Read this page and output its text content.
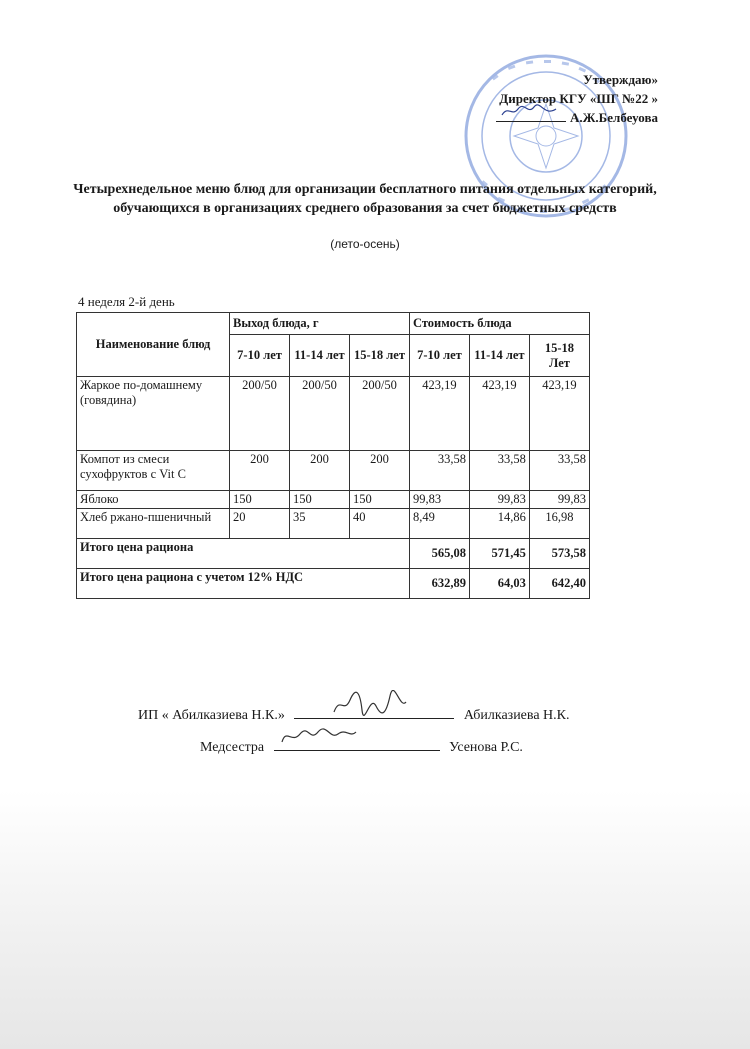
Утверждаю»
Директор КГУ «ШГ №22 »
А.Ж.Белбеуова
Четырехнедельное меню блюд для организации бесплатного питания отдельных категорий, обучающихся в организациях среднего образования за счет бюджетных средств
(лето-осень)
4 неделя 2-й день
Наименование блюд	Выход блюда, г			Стоимость блюда		
	7-10 лет	11-14 лет	15-18 лет	7-10 лет	11-14 лет	15-18 Лет
Жаркое по-домашнему (говядина)	200/50	200/50	200/50	423,19	423,19	423,19
Компот из смеси сухофруктов с Vit C	200	200	200	33,58	33,58	33,58
Яблоко	150	150	150	99,83	99,83	99,83
Хлеб ржано-пшеничный	20	35	40	8,49	14,86	16,98
Итого цена рациона				565,08	571,45	573,58
Итого цена рациона с учетом 12% НДС				632,89	64,03	642,40
ИП « Абилказиева Н.К.»	Абилказиева Н.К.
Медсестра	Усенова Р.С.
